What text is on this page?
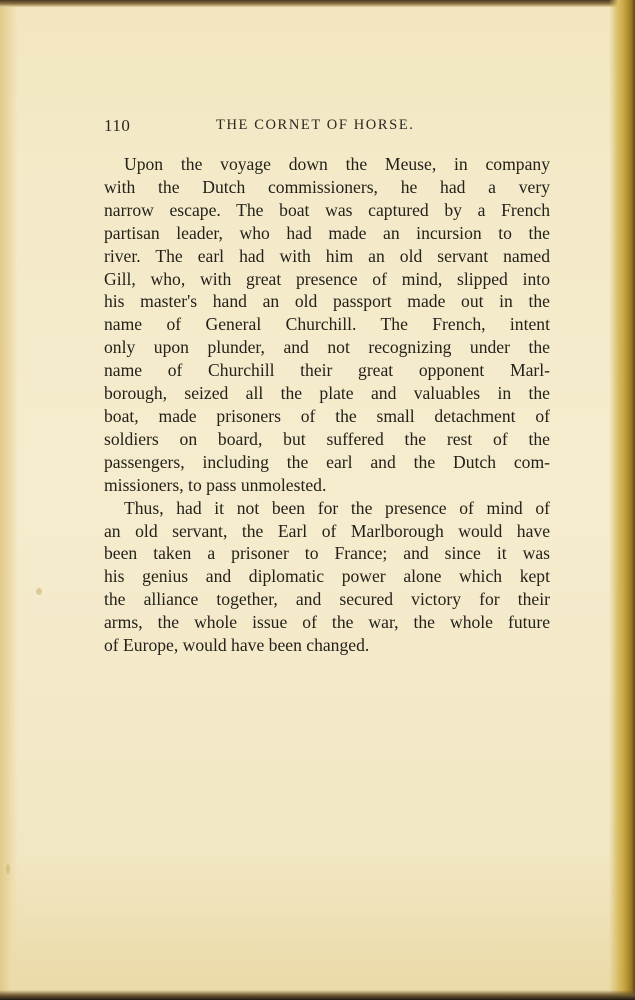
110	THE CORNET OF HORSE.
Upon the voyage down the Meuse, in company
with the Dutch commissioners, he had a very
narrow escape. The boat was captured by a French
partisan leader, who had made an incursion to the
river. The earl had with him an old servant named
Gill, who, with great presence of mind, slipped into
his master's hand an old passport made out in the
name of General Churchill. The French, intent
only upon plunder, and not recognizing under the
name of Churchill their great opponent Marl-
borough, seized all the plate and valuables in the
boat, made prisoners of the small detachment of
soldiers on board, but suffered the rest of the
passengers, including the earl and the Dutch com-
missioners, to pass unmolested.
Thus, had it not been for the presence of mind of
an old servant, the Earl of Marlborough would have
been taken a prisoner to France; and since it was
his genius and diplomatic power alone which kept
the alliance together, and secured victory for their
arms, the whole issue of the war, the whole future
of Europe, would have been changed.
